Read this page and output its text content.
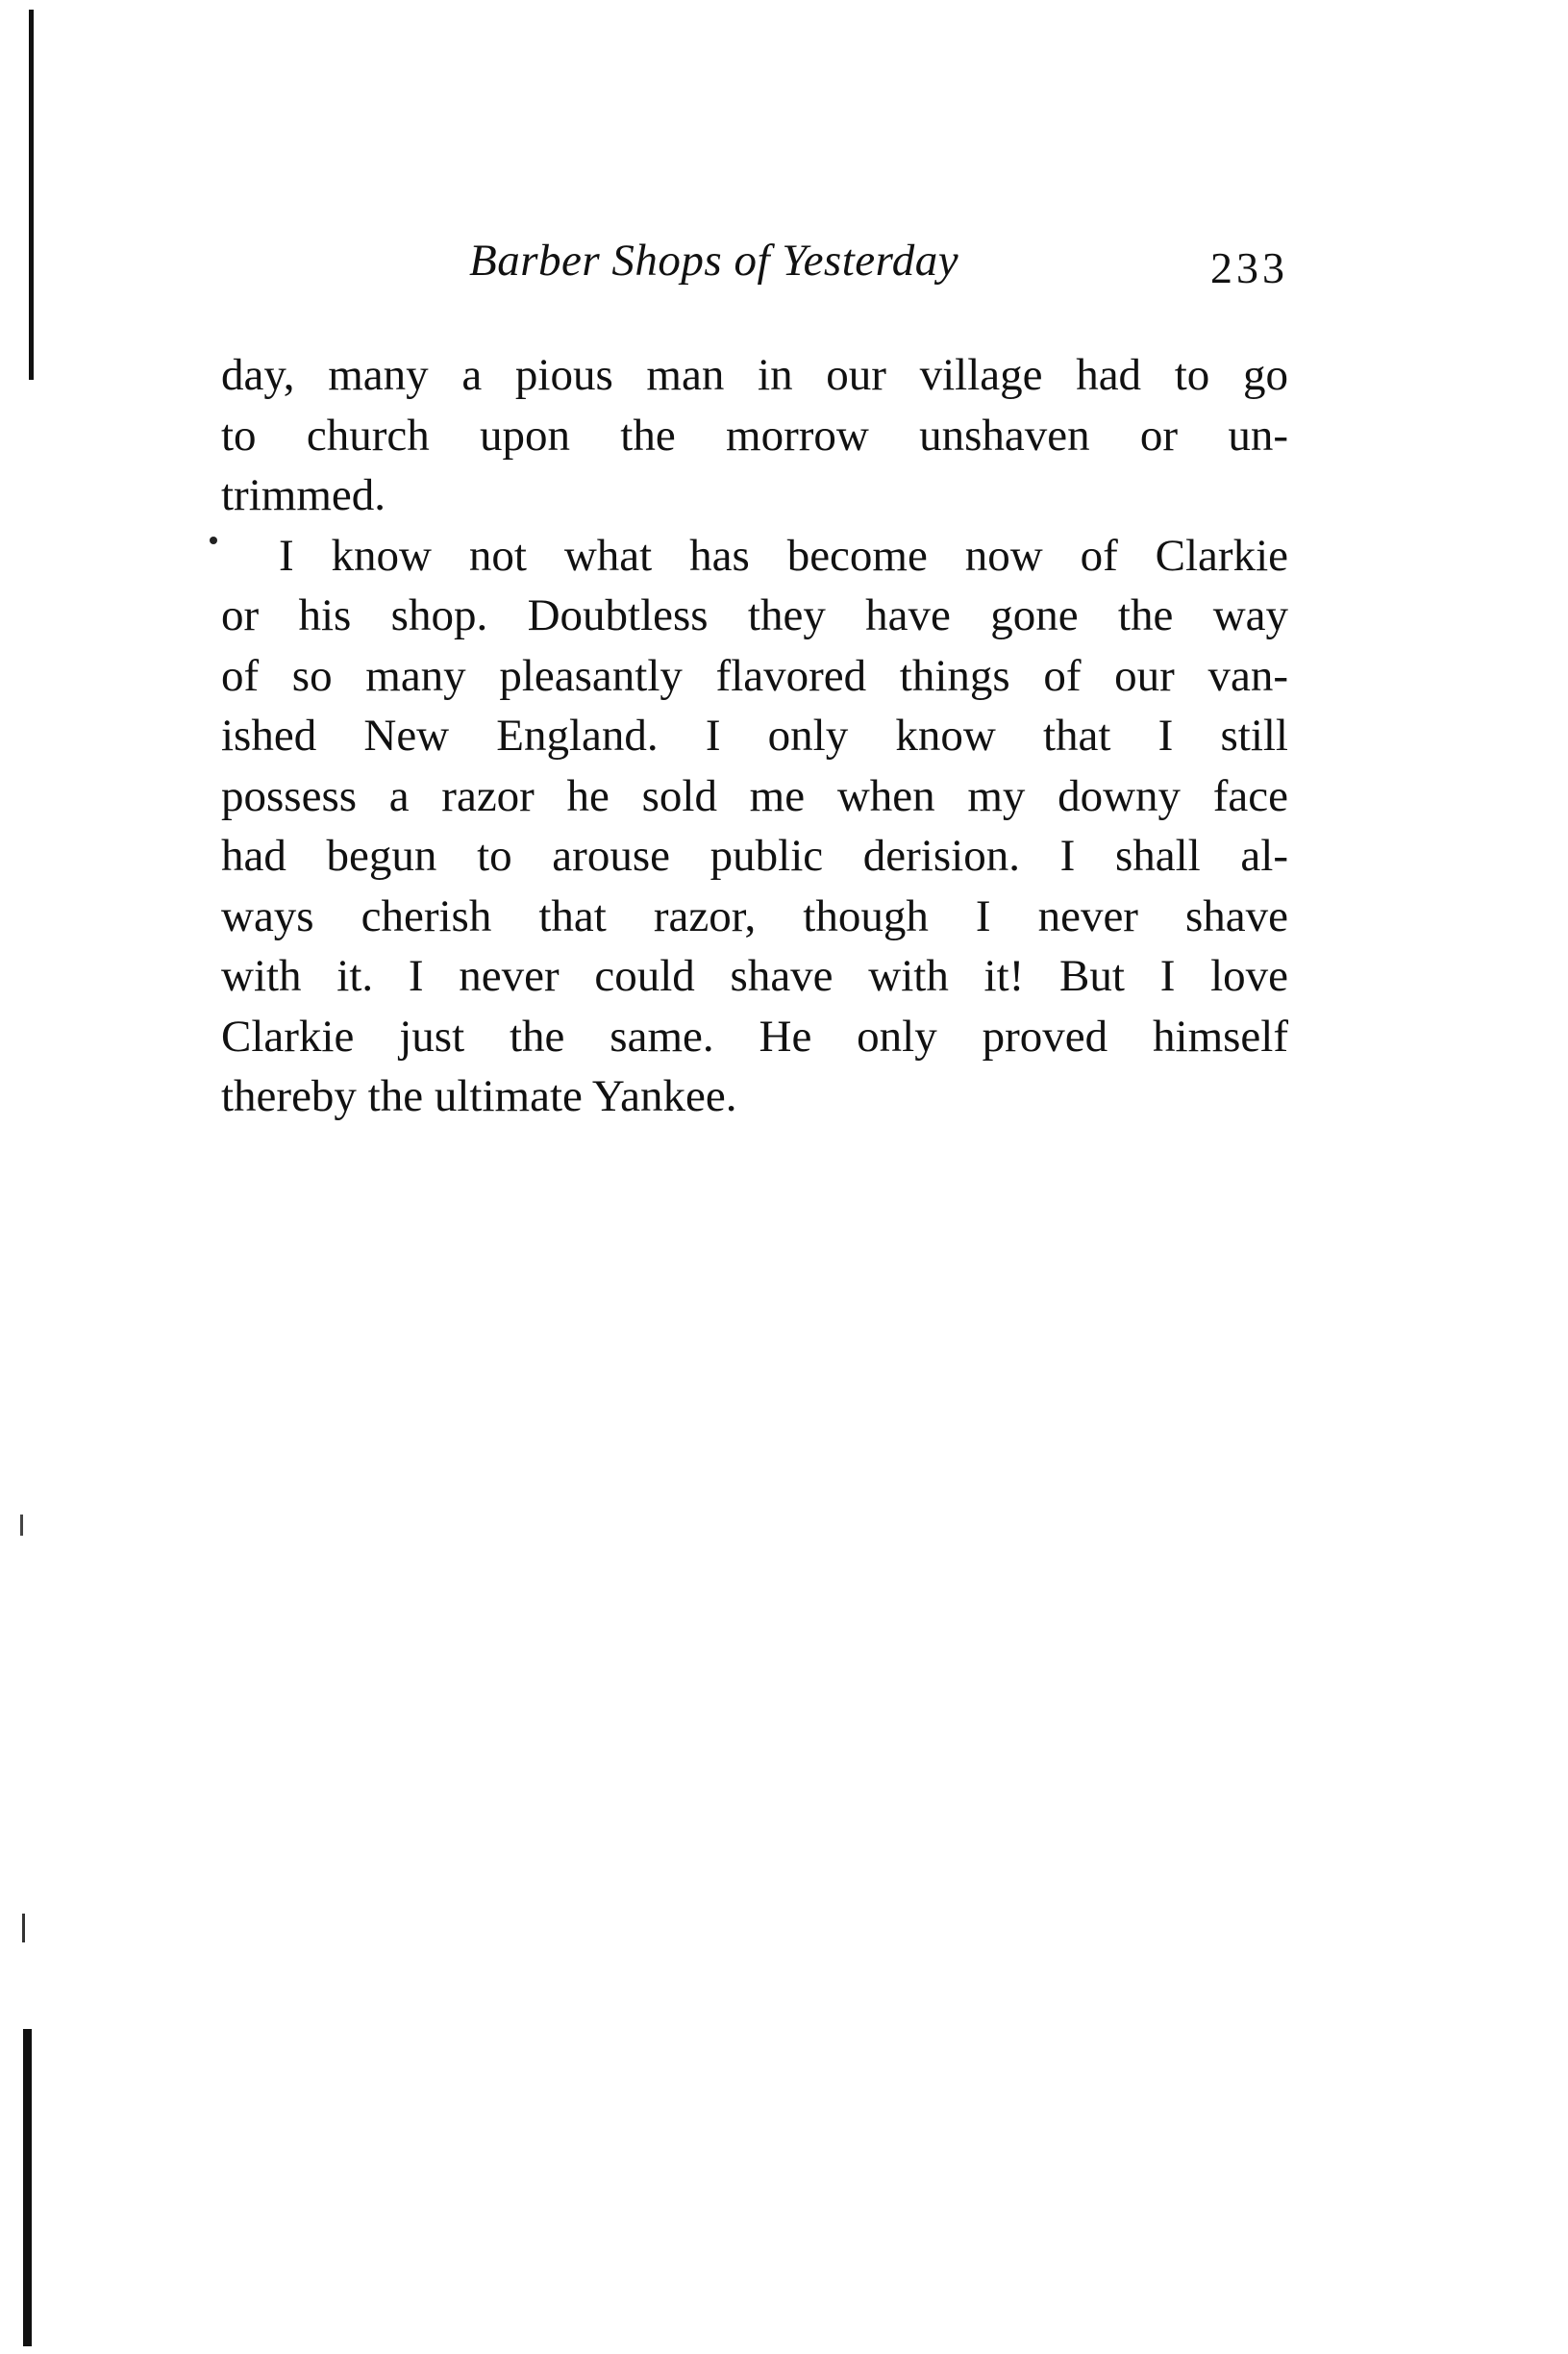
Barber Shops of Yesterday	233
day, many a pious man in our village had to go
to church upon the morrow unshaven or un-
trimmed.
I know not what has become now of Clarkie
or his shop. Doubtless they have gone the way
of so many pleasantly flavored things of our van-
ished New England. I only know that I still
possess a razor he sold me when my downy face
had begun to arouse public derision. I shall al-
ways cherish that razor, though I never shave
with it. I never could shave with it! But I love
Clarkie just the same. He only proved himself
thereby the ultimate Yankee.
